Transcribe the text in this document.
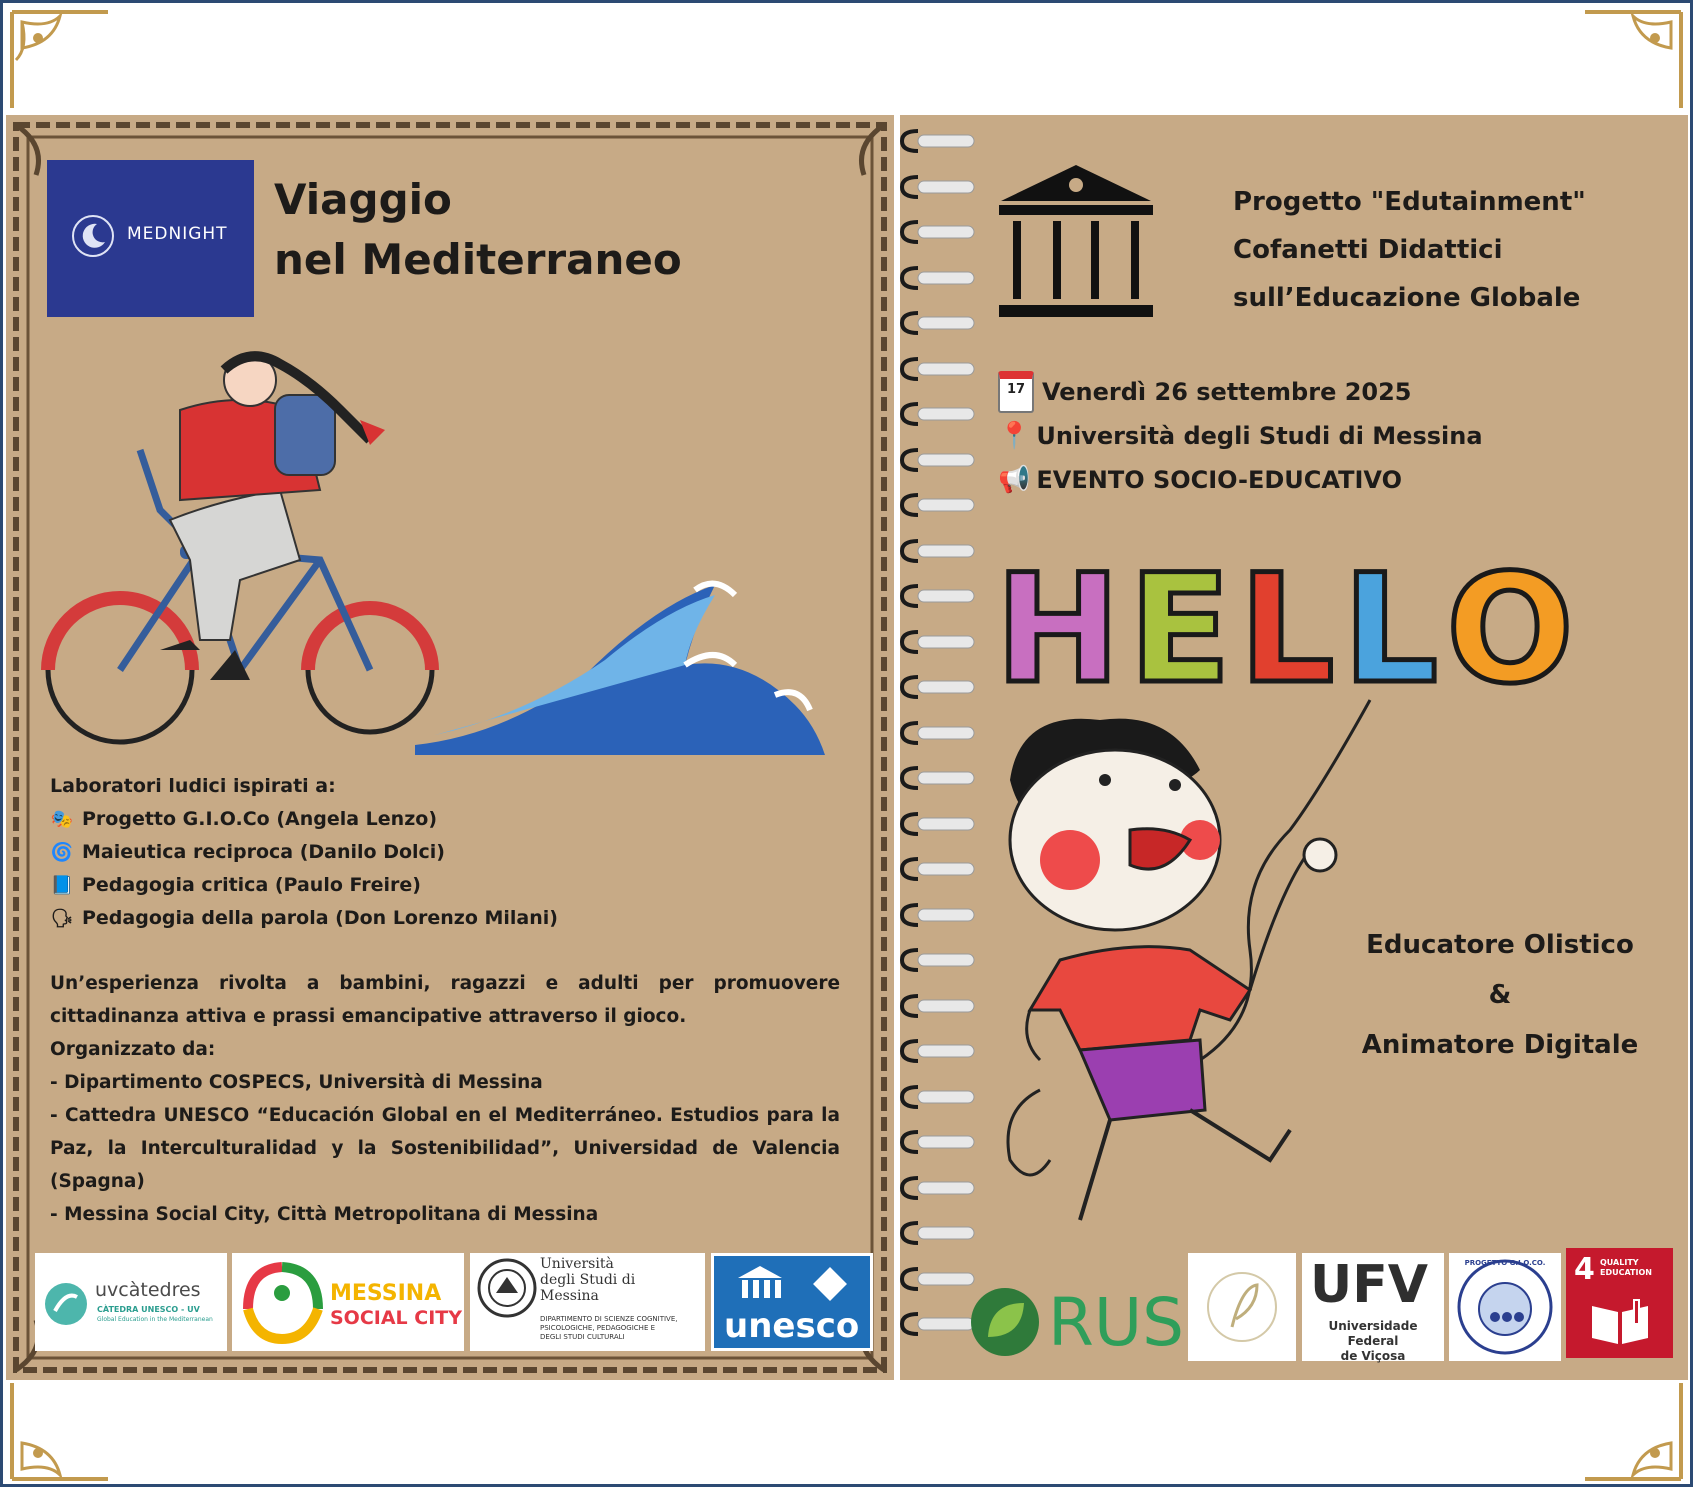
MEDNIGHT
Viaggio
nel Mediterraneo
Laboratori ludici ispirati a:
🎭 Progetto G.I.O.Co (Angela Lenzo)
🌀 Maieutica reciproca (Danilo Dolci)
📘 Pedagogia critica (Paulo Freire)
🗣 Pedagogia della parola (Don Lorenzo Milani)
Un’esperienza rivolta a bambini, ragazzi e adulti per promuovere cittadinanza attiva e prassi emancipative attraverso il gioco.
Organizzato da:
- Dipartimento COSPECS, Università di Messina
- Cattedra UNESCO “Educación Global en el Mediterráneo. Estudios para la Paz, la Interculturalidad y la Sostenibilidad”, Universidad de Valencia (Spagna)
- Messina Social City, Città Metropolitana di Messina
uvcàtedres
CÀTEDRA UNESCO - UV
Global Education in the Mediterranean
MESSINA
SOCIAL CITY
Università
degli Studi di
Messina
DIPARTIMENTO DI SCIENZE COGNITIVE,
PSICOLOGICHE, PEDAGOGICHE E
DEGLI STUDI CULTURALI	unesco
Progetto "Edutainment"
Cofanetti Didattici
sull’Educazione Globale
17 Venerdì 26 settembre 2025
📍 Università degli Studi di Messina
📢 EVENTO SOCIO-EDUCATIVO
H E L L O
Educatore Olistico
&
Animatore Digitale
RUS UFV
Universidade Federal
de Viçosa
PROGETTO G.I.O.CO. 4 QUALITY
EDUCATION
